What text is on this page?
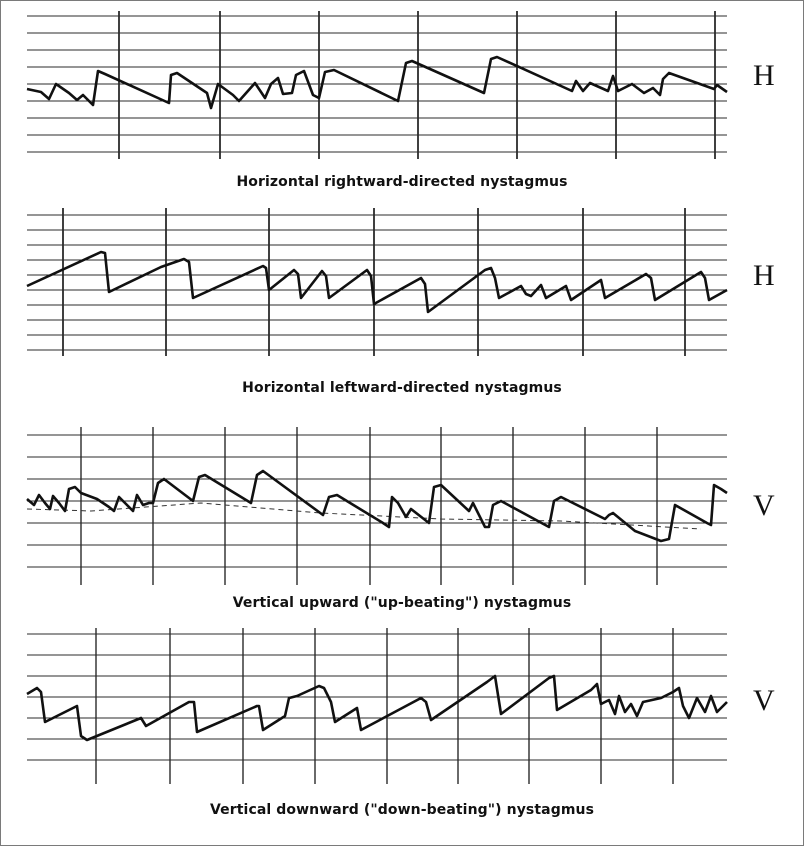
H
Horizontal rightward-directed nystagmus
H
Horizontal leftward-directed nystagmus
V
Vertical upward ("up-beating") nystagmus
V
Vertical downward ("down-beating") nystagmus
